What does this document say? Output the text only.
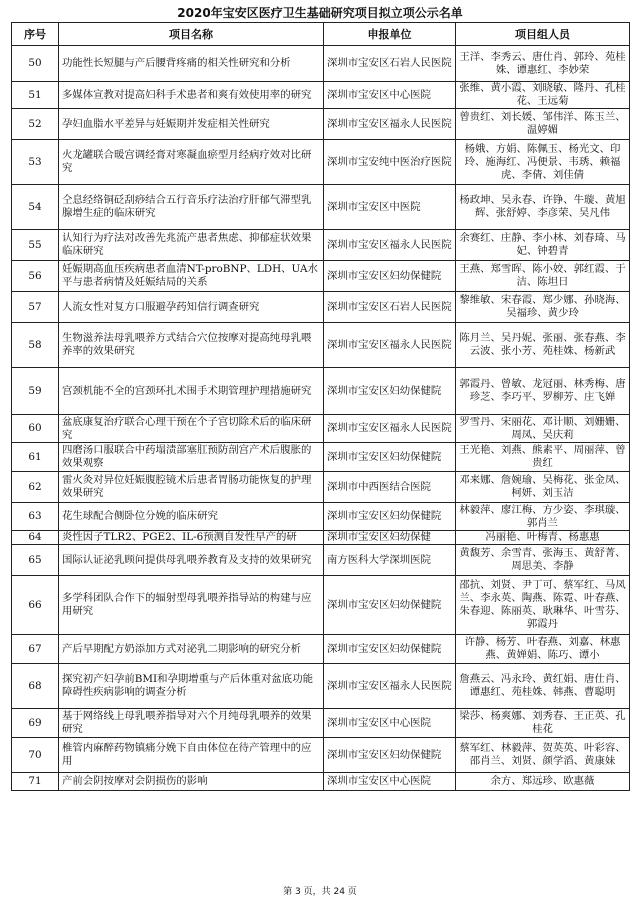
2020年宝安区医疗卫生基础研究项目拟立项公示名单
序号	项目名称	申报单位	项目组人员
50	功能性长短腿与产后腰背疼痛的相关性研究和分析	深圳市宝安区石岩人民医院	王洋、李秀云、唐仕肖、郭玲、苑桂姝、谭惠红、李妙荣
51	多媒体宣教对提高妇科手术患者和爽有效使用率的研究	深圳市宝安区中心医院	张维、黄小霞、刘晓敏、隆丹、孔桂花、王远菊
52	孕妇血脂水平差异与妊娠期并发症相关性研究	深圳市宝安区福永人民医院	曾贵红、刘长媛、邹伟洋、陈玉兰、温婷媚
53	火龙罐联合暖宫调经膏对寒凝血瘀型月经病疗效对比研究	深圳市宝安纯中医治疗医院	杨娥、方娟、陈佩玉、杨光文、印玲、施海红、冯便景、韦琇、赖福虎、李倩、刘佳倩
54	仝息经络铜砭刮痧结合五行音乐疗法治疗肝郁气滞型乳腺增生症的临床研究	深圳市宝安区中医院	杨政坤、吴永春、许铮、牛璇、黄旭辉、张舒婷、李彦荣、吴凡伟
55	认知行为疗法对改善先兆流产患者焦虑、抑郁症状效果临床研究	深圳市宝安区福永人民医院	余赛红、庄静、李小林、刘春琦、马妃、钟碧青
56	妊娠期高血压疾病患者血清NT-proBNP、LDH、UA水平与患者病情及妊娠结局的关系	深圳市宝安区妇幼保健院	王燕、郑雪晖、陈小姣、郭红霞、于洁、陈坦日
57	人流女性对复方口服避孕药知信行调查研究	深圳市宝安区石岩人民医院	黎维敏、宋春霞、郑少娜、孙晓海、吴福珍、黄少玲
58	生物滋养法母乳喂养方式结合穴位按摩对提高纯母乳喂养率的效果研究	深圳市宝安区福永人民医院	陈月兰、吴丹妮、张丽、张春燕、李云波、张小芳、苑桂姝、杨新武
59	宫颈机能不全的宫颈环扎术围手术期管理护理措施研究	深圳市宝安区妇幼保健院	郭霞丹、曾敏、龙冠丽、林秀梅、唐珍芝、李巧平、罗柳芳、庄飞婵
60	盆底康复治疗联合心理干预在个子宫切除术后的临床研究	深圳市宝安区福永人民医院	罗雪丹、宋丽花、邓计顺、刘姗姗、周凤、吴庆莉
61	四磨汤口服联合中药塌渍部塞肛预防剖宫产术后腹胀的效果观察	深圳市宝安区妇幼保健院	王光艳、刘燕、熊素平、周丽萍、曾贵红
62	雷火灸对异位妊娠腹腔镜术后患者胃肠功能恢复的护理效果研究	深圳市中西医结合医院	邓来娜、詹婉瑜、吴梅花、张金凤、柯妍、刘玉洁
63	花生球配合侧卧位分娩的临床研究	深圳市宝安区妇幼保健院	林毅萍、廖江梅、方少姿、李琪璇、郭肖兰
64	炎性因子TLR2、PGE2、IL-6预测自发性早产的研	深圳市宝安区妇幼保健	冯丽艳、叶梅青、杨惠惠
65	国际认证泌乳顾问提供母乳喂养教育及支持的效果研究	南方医科大学深圳医院	黄馥芳、余雪青、张海玉、黄舒菁、周思美、李静
66	多学科团队合作下的辐射型母乳喂养指导站的构建与应用研究	深圳市宝安区妇幼保健院	邵抗、刘贤、尹丁可、蔡军红、马凤兰、李永英、陶燕、陈霓、叶春燕、朱春迎、陈丽英、耿琳华、叶雪芬、郭霞丹
67	产后早期配方奶添加方式对泌乳二期影响的研究分析	深圳市宝安区妇幼保健院	许静、杨芳、叶春燕、刘嘉、林惠燕、黄婵娟、陈巧、谭小
68	探究初产妇孕前BMI和孕期增重与产后体重对盆底功能障碍性疾病影响的调查分析	深圳市宝安区福永人民医院	詹燕云、冯永玲、黄红娟、唐仕肖、谭惠红、苑桂姝、韩燕、曹聪明
69	基于网络线上母乳喂养指导对六个月纯母乳喂养的效果研究	深圳市宝安区中心医院	梁莎、杨爽娜、刘秀春、王正英、孔桂花
70	椎管内麻醉药物镇痛分娩下自由体位在待产管理中的应用	深圳市宝安区妇幼保健院	蔡军红、林毅萍、贺英英、叶彩容、邵肖兰、刘贤、颜学滔、黄康妹
71	产前会阴按摩对会阴损伤的影响	深圳市宝安区中心医院	余方、郑远珍、欧惠薇
第 3 页，共 24 页
